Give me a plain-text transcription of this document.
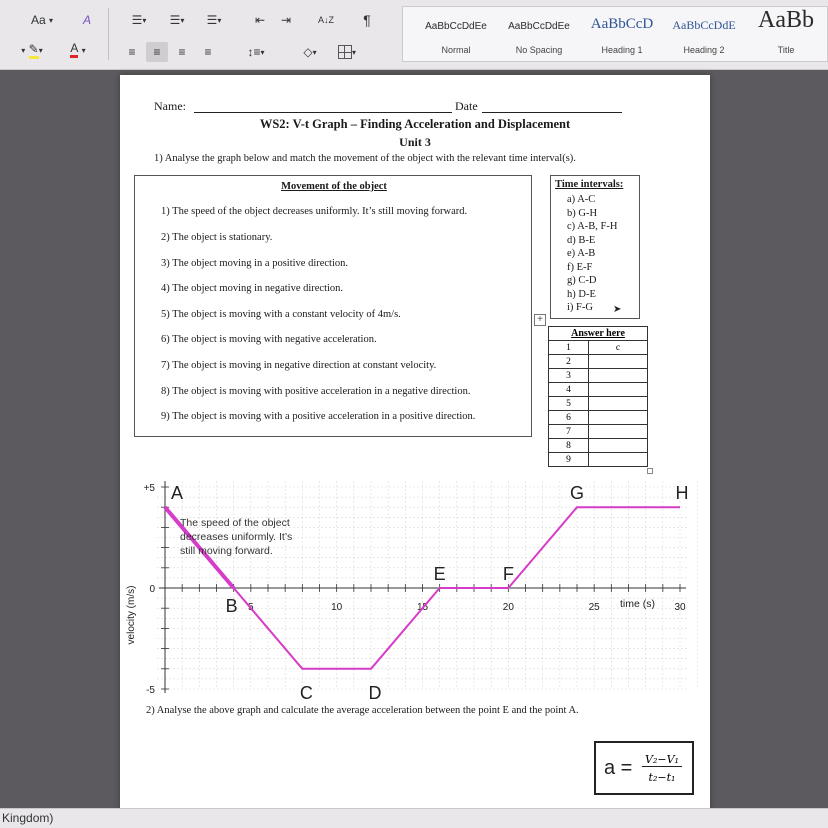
Aa
▾ A	☰ ▾ ☰ ▾ ☰ ▾	⇤ ⇥	A↓Z ¶
▾
✎ ▾ A
▾	≡ ≡ ≡ ≡	↕≡ ▾	◇ ▾	▾
AaBbCcDdEe
Normal
AaBbCcDdEe
No Spacing
AaBbCcD
Heading 1
AaBbCcDdE
Heading 2
AaBb
Title
Name:	Date
WS2: V-t Graph – Finding Acceleration and Displacement
Unit 3
1) Analyse the graph below and match the movement of the object with the relevant time interval(s).
Movement of the object
1) The speed of the object decreases uniformly. It’s still moving forward.
2) The object is stationary.
3) The object moving in a positive direction.
4) The object moving in negative direction.
5) The object is moving with a constant velocity of 4m/s.
6) The object is moving with negative acceleration.
7) The object is moving in negative direction at constant velocity.
8) The object is moving with positive acceleration in a negative direction.
9) The object is moving with a positive acceleration in a positive direction.
Time intervals:
a) A-C
b) G-H
c) A-B, F-H
d) B-E
e) A-B
f) E-F
g) C-D
h) D-E
i) F-G ➤
+
Answer here	
1	c
2	
3	
4	
5	
6	
7	
8	
9	
5	10	15	20	25	30
+5
0
-5
A
B
C	D
E	F
G	H
velocity (m/s)	time (s)
The speed of the object decreases uniformly. It’s still moving forward.
2) Analyse the above graph and calculate the average acceleration between the point E and the point A.
a = V₂−V₁
t₂−t₁
Kingdom)
